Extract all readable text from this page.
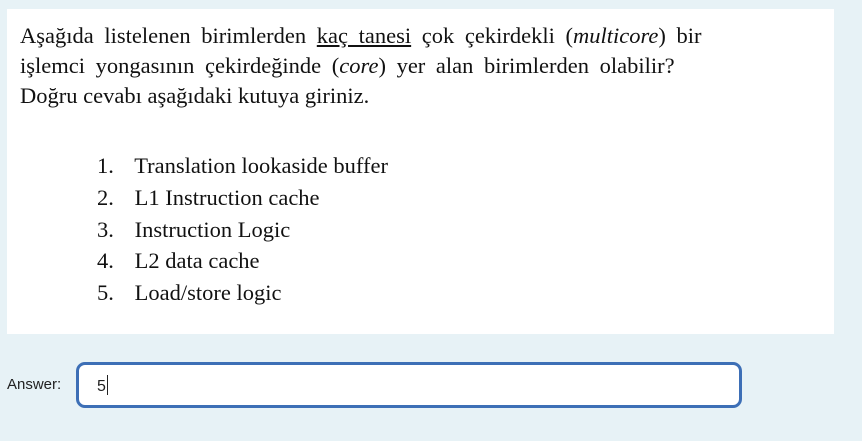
Aşağıda listelenen birimlerden kaç tanesi çok çekirdekli (multicore) bir
işlemci yongasının çekirdeğinde (core) yer alan birimlerden olabilir?
Doğru cevabı aşağıdaki kutuya giriniz.
1. Translation lookaside buffer
2. L1 Instruction cache
3. Instruction Logic
4. L2 data cache
5. Load/store logic
Answer:	5
